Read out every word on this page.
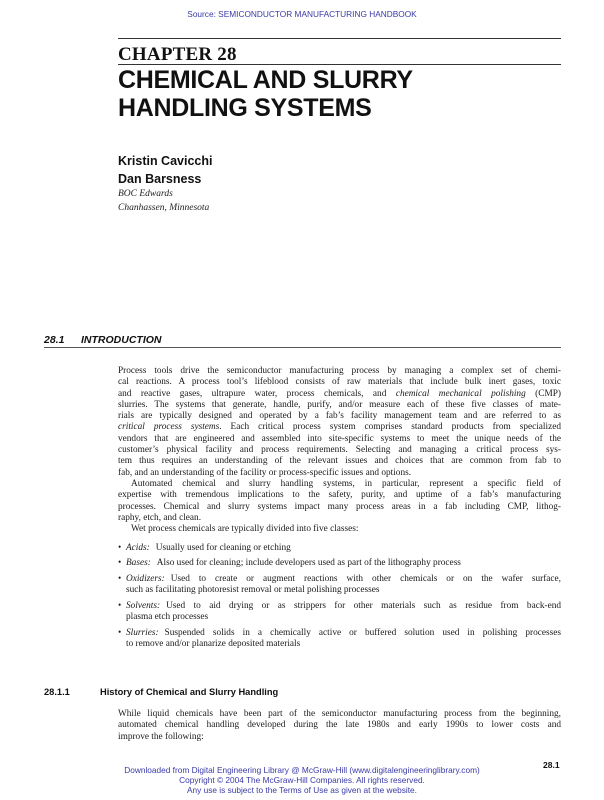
Source: SEMICONDUCTOR MANUFACTURING HANDBOOK
CHAPTER 28
CHEMICAL AND SLURRY
HANDLING SYSTEMS
Kristin Cavicchi
Dan Barsness
BOC Edwards
Chanhassen, Minnesota
28.1 INTRODUCTION
Process tools drive the semiconductor manufacturing process by managing a complex set of chemi-
cal reactions. A process tool’s lifeblood consists of raw materials that include bulk inert gases, toxic
and reactive gases, ultrapure water, process chemicals, and chemical mechanical polishing (CMP)
slurries. The systems that generate, handle, purify, and/or measure each of these five classes of mate-
rials are typically designed and operated by a fab’s facility management team and are referred to as
critical process systems. Each critical process system comprises standard products from specialized
vendors that are engineered and assembled into site-specific systems to meet the unique needs of the
customer’s physical facility and process requirements. Selecting and managing a critical process sys-
tem thus requires an understanding of the relevant issues and choices that are common from fab to
fab, and an understanding of the facility or process-specific issues and options.
Automated chemical and slurry handling systems, in particular, represent a specific field of
expertise with tremendous implications to the safety, purity, and uptime of a fab’s manufacturing
processes. Chemical and slurry systems impact many process areas in a fab including CMP, lithog-
raphy, etch, and clean.
Wet process chemicals are typically divided into five classes:
• Acids: Usually used for cleaning or etching
• Bases: Also used for cleaning; include developers used as part of the lithography process
• Oxidizers: Used to create or augment reactions with other chemicals or on the wafer surface,
such as facilitating photoresist removal or metal polishing processes
• Solvents: Used to aid drying or as strippers for other materials such as residue from back-end
plasma etch processes
• Slurries: Suspended solids in a chemically active or buffered solution used in polishing processes
to remove and/or planarize deposited materials
28.1.1	History of Chemical and Slurry Handling
While liquid chemicals have been part of the semiconductor manufacturing process from the beginning,
automated chemical handling developed during the late 1980s and early 1990s to lower costs and
improve the following:
28.1
Downloaded from Digital Engineering Library @ McGraw-Hill (www.digitalengineeringlibrary.com)
Copyright © 2004 The McGraw-Hill Companies. All rights reserved.
Any use is subject to the Terms of Use as given at the website.
